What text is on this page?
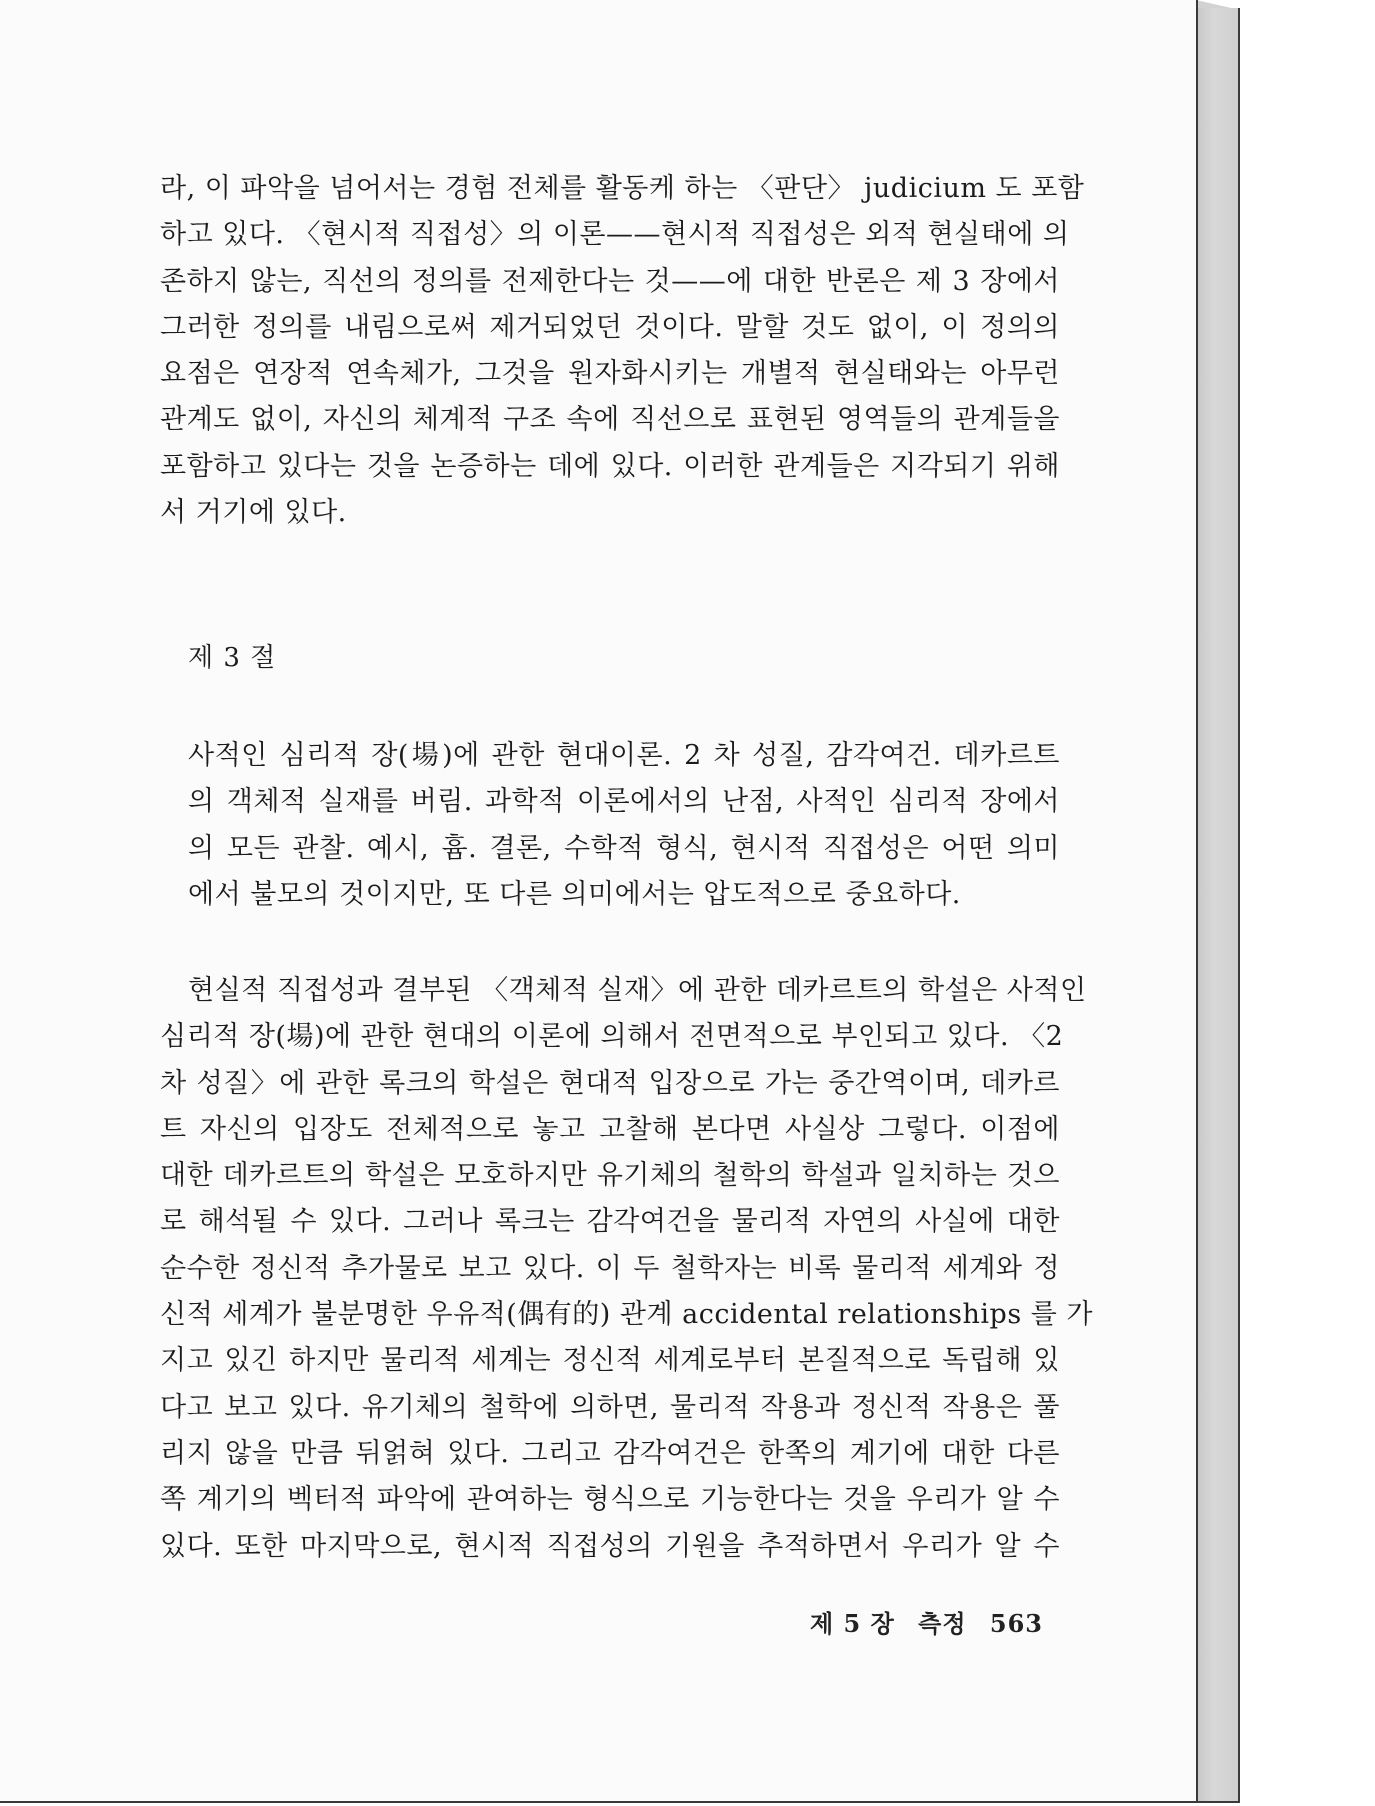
라, 이 파악을 넘어서는 경험 전체를 활동케 하는 〈판단〉 judicium 도 포함
하고 있다. 〈현시적 직접성〉의 이론——현시적 직접성은 외적 현실태에 의
존하지 않는, 직선의 정의를 전제한다는 것——에 대한 반론은 제 3 장에서
그러한 정의를 내림으로써 제거되었던 것이다. 말할 것도 없이, 이 정의의
요점은 연장적 연속체가, 그것을 원자화시키는 개별적 현실태와는 아무런
관계도 없이, 자신의 체계적 구조 속에 직선으로 표현된 영역들의 관계들을
포함하고 있다는 것을 논증하는 데에 있다. 이러한 관계들은 지각되기 위해
서 거기에 있다.
제 3 절
사적인 심리적 장(場)에 관한 현대이론. 2 차 성질, 감각여건. 데카르트
의 객체적 실재를 버림. 과학적 이론에서의 난점, 사적인 심리적 장에서
의 모든 관찰. 예시, 흄. 결론, 수학적 형식, 현시적 직접성은 어떤 의미
에서 불모의 것이지만, 또 다른 의미에서는 압도적으로 중요하다.
현실적 직접성과 결부된 〈객체적 실재〉에 관한 데카르트의 학설은 사적인
심리적 장(場)에 관한 현대의 이론에 의해서 전면적으로 부인되고 있다. 〈2
차 성질〉에 관한 록크의 학설은 현대적 입장으로 가는 중간역이며, 데카르
트 자신의 입장도 전체적으로 놓고 고찰해 본다면 사실상 그렇다. 이점에
대한 데카르트의 학설은 모호하지만 유기체의 철학의 학설과 일치하는 것으
로 해석될 수 있다. 그러나 록크는 감각여건을 물리적 자연의 사실에 대한
순수한 정신적 추가물로 보고 있다. 이 두 철학자는 비록 물리적 세계와 정
신적 세계가 불분명한 우유적(偶有的) 관계 accidental relationships 를 가
지고 있긴 하지만 물리적 세계는 정신적 세계로부터 본질적으로 독립해 있
다고 보고 있다. 유기체의 철학에 의하면, 물리적 작용과 정신적 작용은 풀
리지 않을 만큼 뒤얽혀 있다. 그리고 감각여건은 한쪽의 계기에 대한 다른
쪽 계기의 벡터적 파악에 관여하는 형식으로 기능한다는 것을 우리가 알 수
있다. 또한 마지막으로, 현시적 직접성의 기원을 추적하면서 우리가 알 수
제 5 장 측정 563
